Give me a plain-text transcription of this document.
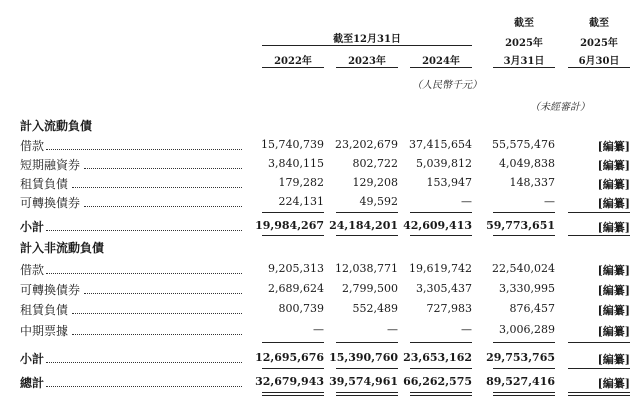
截至12月31日
截至
2025年
3月31日
截至
2025年
6月30日
2022年	2023年	2024年
（人民幣千元）
（未經審計）
計入流動負債
借款	15,740,739	23,202,679	37,415,654	55,575,476	[編纂]
短期融資券	3,840,115	802,722	5,039,812	4,049,838	[編纂]
租賃負債	179,282	129,208	153,947	148,337	[編纂]
可轉換債券	224,131	49,592	—	—	[編纂]
小計	19,984,267 24,184,201 42,609,413	59,773,651	[編纂]
計入非流動負債
借款	9,205,313	12,038,771	19,619,742	22,540,024	[編纂]
可轉換債券	2,689,624	2,799,500	3,305,437	3,330,995	[編纂]
租賃負債	800,739	552,489	727,983	876,457	[編纂]
中期票據	—	—	—	3,006,289	[編纂]
小計	12,695,676 15,390,760 23,653,162	29,753,765	[編纂]
總計	32,679,943 39,574,961 66,262,575	89,527,416	[編纂]
